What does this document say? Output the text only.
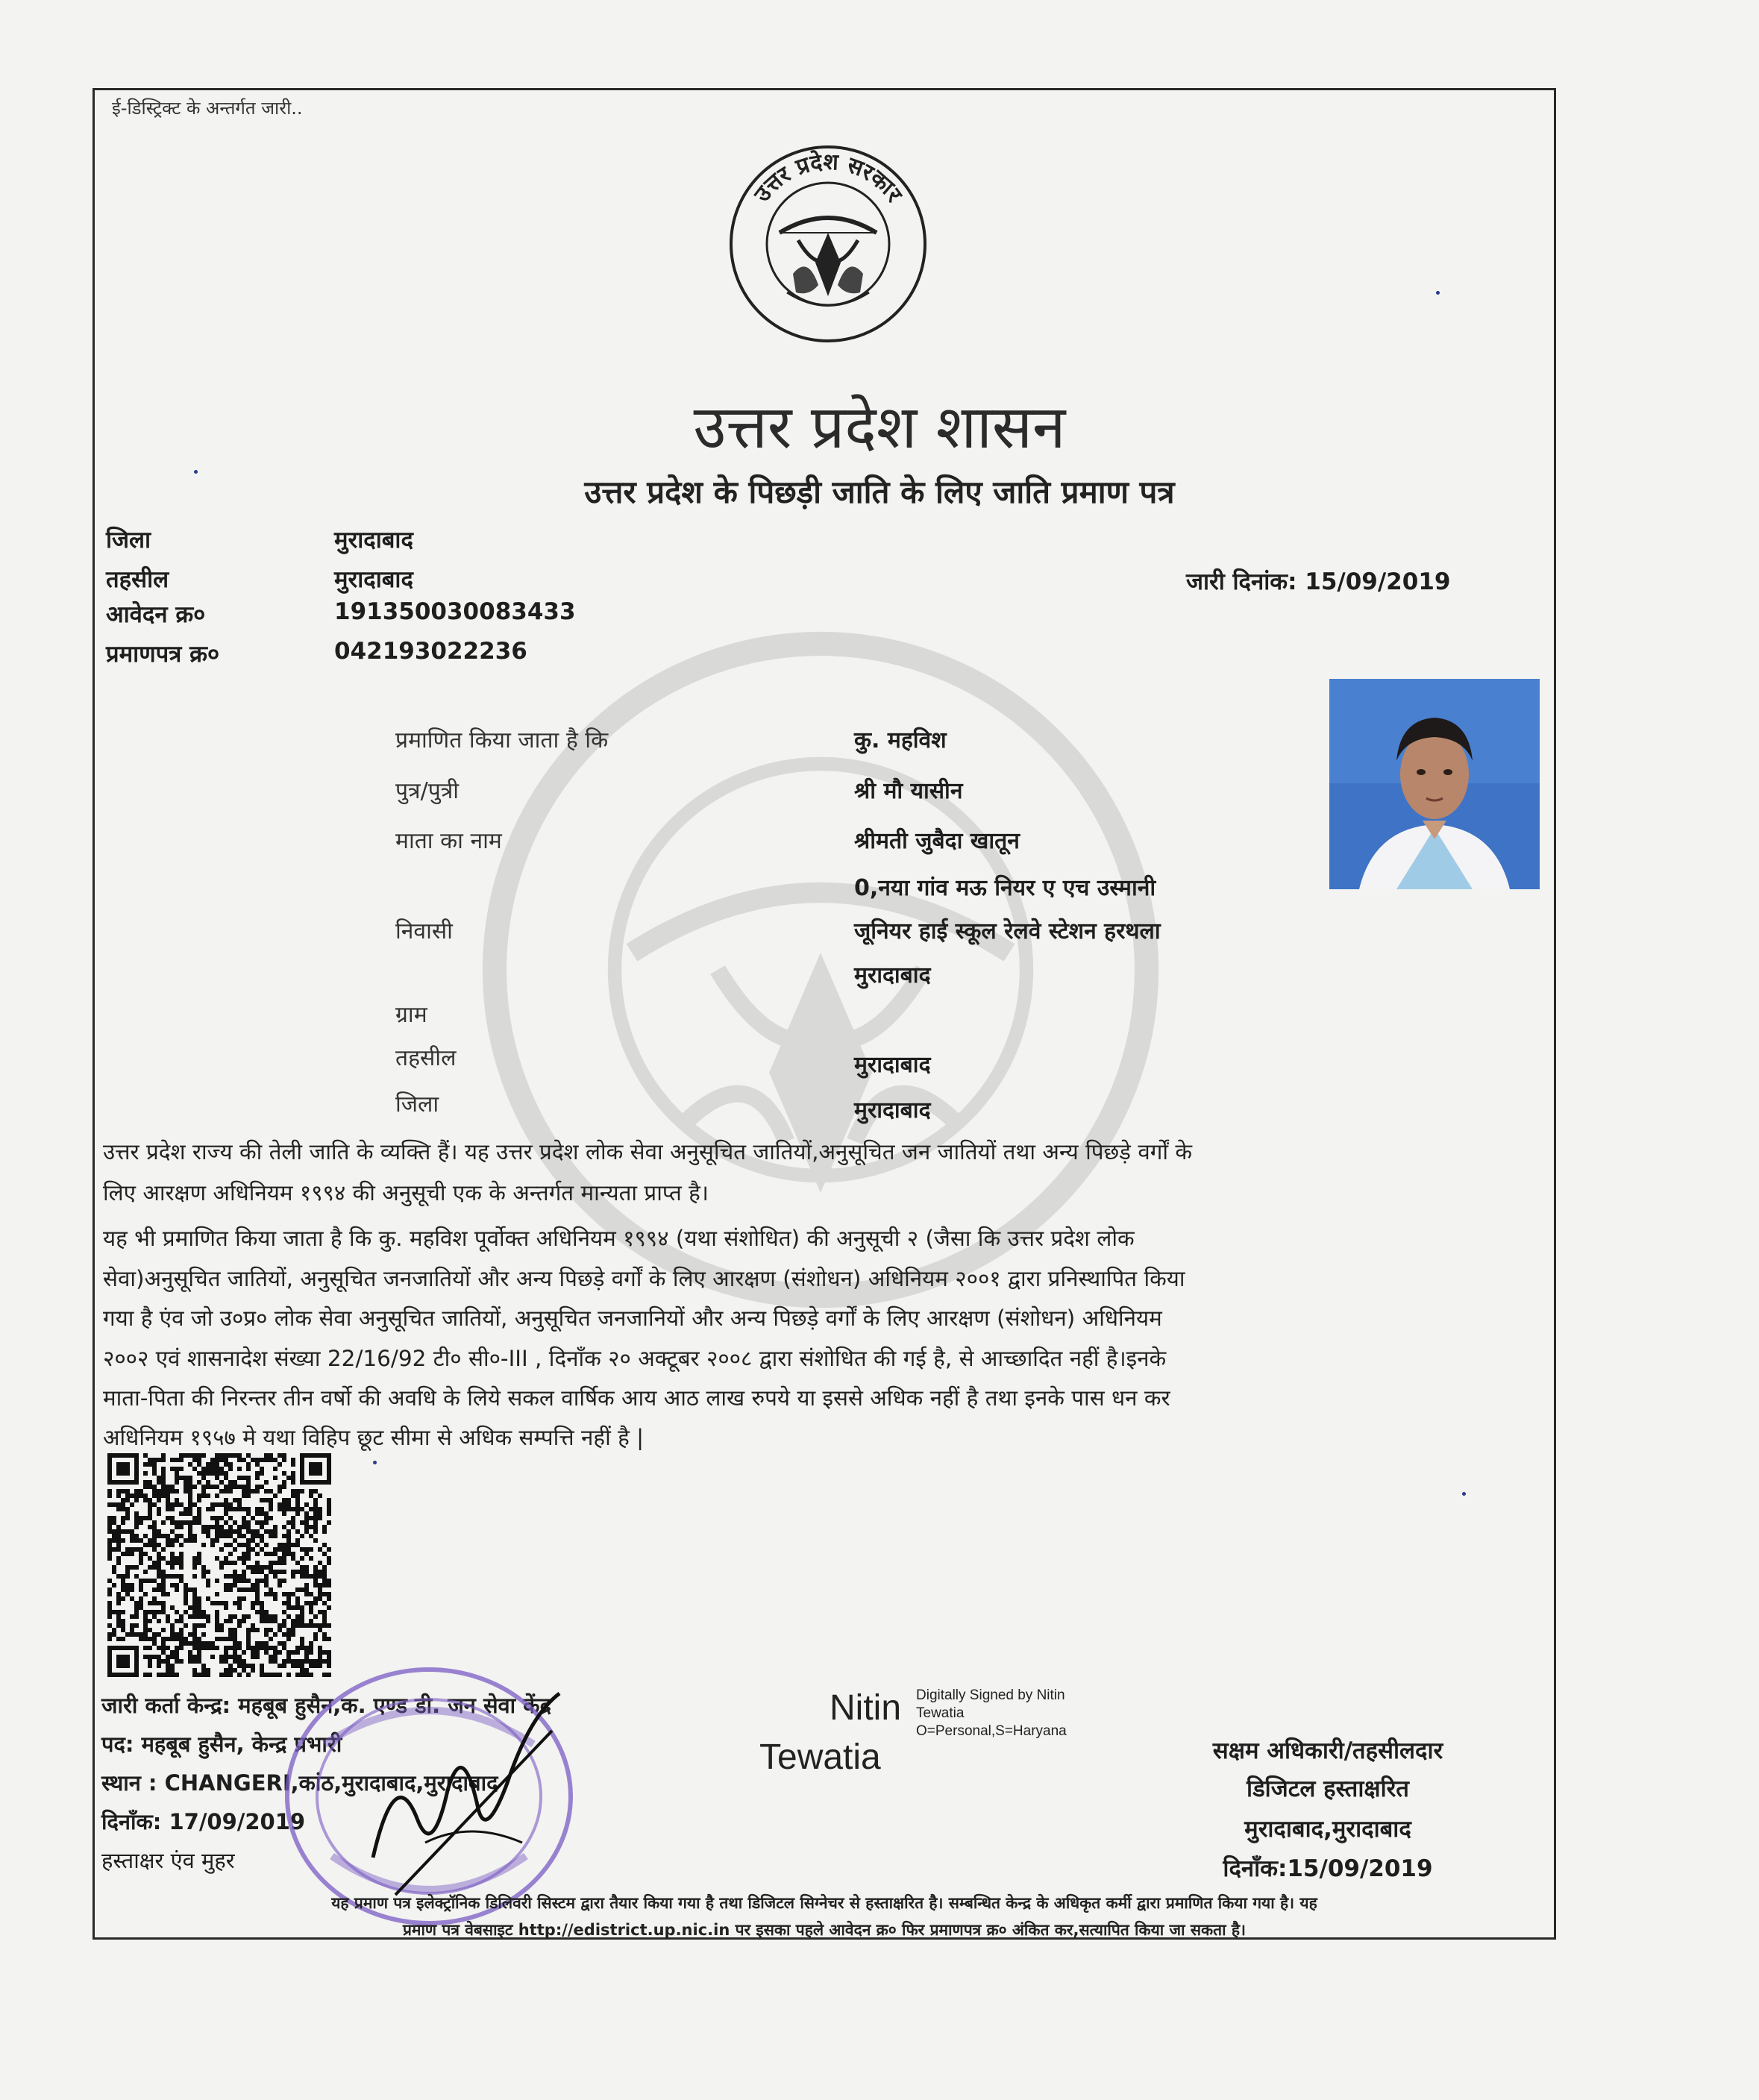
ई-डिस्ट्रिक्ट के अन्तर्गत जारी..
उत्तर प्रदेश सरकार
उत्तर प्रदेश शासन
उत्तर प्रदेश के पिछड़ी जाति के लिए जाति प्रमाण पत्र
जिला	मुरादाबाद
तहसील	मुरादाबाद
आवेदन क्र०	191350030083433
प्रमाणपत्र क्र०	042193022236
जारी दिनांक: 15/09/2019
प्रमाणित किया जाता है कि	कु. महविश
पुत्र/पुत्री	श्री मौ यासीन
माता का नाम	श्रीमती जुबैदा खातून
0,नया गांव मऊ नियर ए एच उस्मानी
निवासी	जूनियर हाई स्कूल रेलवे स्टेशन हरथला
मुरादाबाद
ग्राम
तहसील	मुरादाबाद
जिला	मुरादाबाद
उत्तर प्रदेश राज्य की तेली जाति के व्यक्ति हैं। यह उत्तर प्रदेश लोक सेवा अनुसूचित जातियों,अनुसूचित जन जातियों तथा अन्य पिछड़े वर्गों के
लिए आरक्षण अधिनियम १९९४ की अनुसूची एक के अन्तर्गत मान्यता प्राप्त है।
यह भी प्रमाणित किया जाता है कि कु. महविश पूर्वोक्त अधिनियम १९९४ (यथा संशोधित) की अनुसूची २ (जैसा कि उत्तर प्रदेश लोक
सेवा)अनुसूचित जातियों, अनुसूचित जनजातियों और अन्य पिछड़े वर्गों के लिए आरक्षण (संशोधन) अधिनियम २००१ द्वारा प्रनिस्थापित किया
गया है एंव जो उ०प्र० लोक सेवा अनुसूचित जातियों, अनुसूचित जनजानियों और अन्य पिछड़े वर्गों के लिए आरक्षण (संशोधन) अधिनियम
२००२ एवं शासनादेश संख्या 22/16/92 टी० सी०-III , दिनाँक २० अक्टूबर २००८ द्वारा संशोधित की गई है, से आच्छादित नहीं है।इनके
माता-पिता की निरन्तर तीन वर्षो की अवधि के लिये सकल वार्षिक आय आठ लाख रुपये या इससे अधिक नहीं है तथा इनके पास धन कर
अधिनियम १९५७ मे यथा विहिप छूट सीमा से अधिक सम्पत्ति नहीं है |
जारी कर्ता केन्द्र: महबूब हुसैन,क. एण्ड डी. जन सेवा केंद्र
पद: महबूब हुसैन, केन्द्र प्रभारी
स्थान : CHANGERI,कांठ,मुरादाबाद,मुरादाबाद
दिनाँक: 17/09/2019
हस्ताक्षर एंव मुहर
Nitin
Tewatia
Digitally Signed by Nitin
Tewatia
O=Personal,S=Haryana
सक्षम अधिकारी/तहसीलदार
डिजिटल हस्ताक्षरित
मुरादाबाद,मुरादाबाद
दिनाँक:15/09/2019
यह प्रमाण पत्र इलेक्ट्रॉनिक डिलिवरी सिस्टम द्वारा तैयार किया गया है तथा डिजिटल सिग्नेचर से हस्ताक्षरित है। सम्बन्धित केन्द्र के अधिकृत कर्मी द्वारा प्रमाणित किया गया है। यह
प्रमाण पत्र वेबसाइट http://edistrict.up.nic.in पर इसका पहले आवेदन क्र० फिर प्रमाणपत्र क्र० अंकित कर,सत्यापित किया जा सकता है।
